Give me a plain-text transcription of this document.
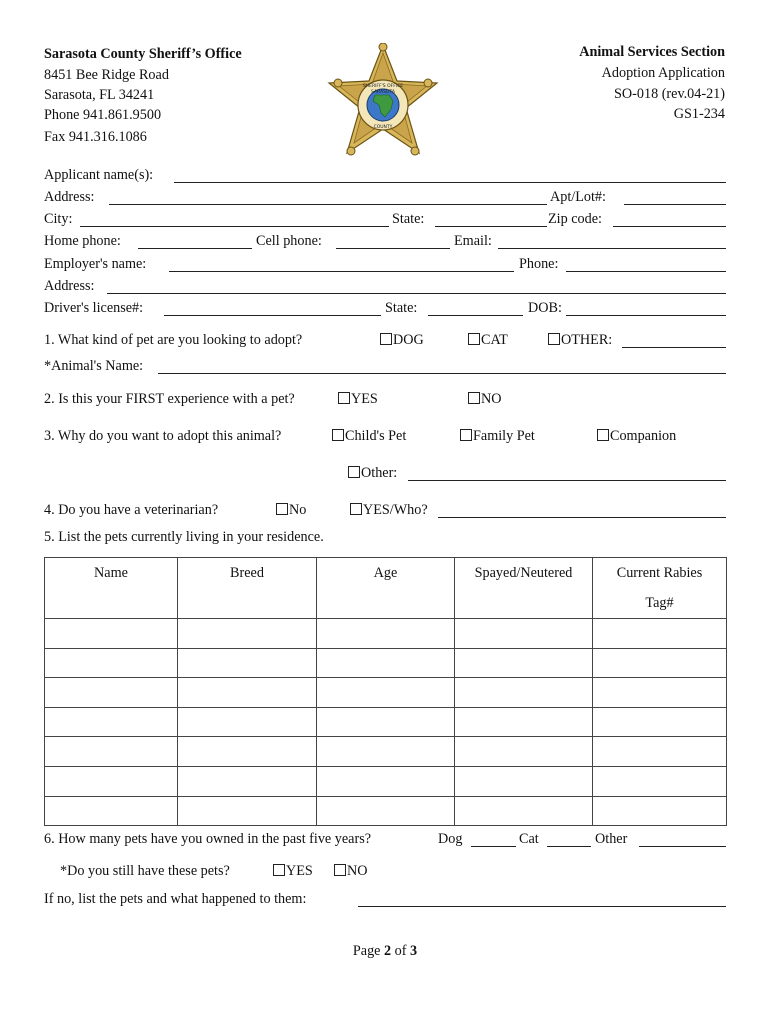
Sarasota County Sheriff’s Office
8451 Bee Ridge Road
Sarasota, FL 34241
Phone 941.861.9500
Fax 941.316.1086
Animal Services Section
Adoption Application
SO-018 (rev.04-21)
GS1-234
SHERIFF'S OFFICE
SARASOTA
COUNTY
Applicant name(s):
Address:	Apt/Lot#:
City:	State:	Zip code:
Home phone:	Cell phone:	Email:
Employer's name:	Phone:
Address:
Driver's license#:	State:	DOB:
1. What kind of pet are you looking to adopt?	DOG	CAT	OTHER:
*Animal's Name:
2. Is this your FIRST experience with a pet?	YES	NO
3. Why do you want to adopt this animal?	Child's Pet	Family Pet	Companion
Other:
4. Do you have a veterinarian?	No	YES/Who?
5. List the pets currently living in your residence.
Name	Breed	Age	Spayed/Neutered	Current Rabies Tag#

6. How many pets have you owned in the past five years?	Dog	Cat	Other
*Do you still have these pets?	YES	NO
If no, list the pets and what happened to them:
Page 2 of 3
